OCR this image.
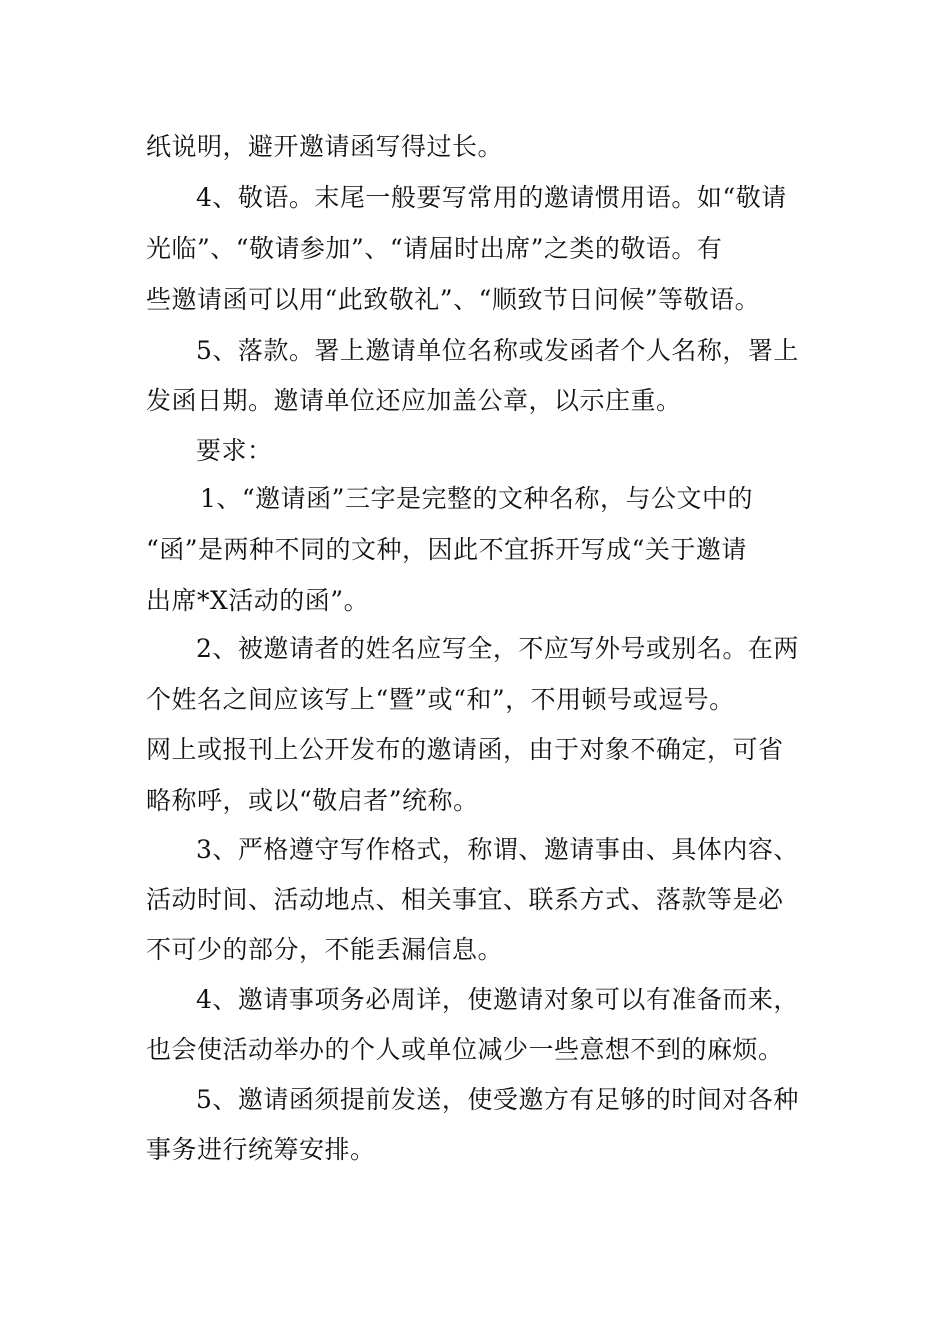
纸说明，避开邀请函写得过长。
4、敬语。末尾一般要写常用的邀请惯用语。如“敬请
光临”、“敬请参加”、“请届时出席”之类的敬语。有
些邀请函可以用“此致敬礼”、“顺致节日问候”等敬语。
5、落款。署上邀请单位名称或发函者个人名称，署上
发函日期。邀请单位还应加盖公章，以示庄重。
要求：
1、“邀请函”三字是完整的文种名称，与公文中的
“函”是两种不同的文种，因此不宜拆开写成“关于邀请
出席*X活动的函”。
2、被邀请者的姓名应写全，不应写外号或别名。在两
个姓名之间应该写上“暨”或“和”，不用顿号或逗号。
网上或报刊上公开发布的邀请函，由于对象不确定，可省
略称呼，或以“敬启者”统称。
3、严格遵守写作格式，称谓、邀请事由、具体内容、
活动时间、活动地点、相关事宜、联系方式、落款等是必
不可少的部分，不能丢漏信息。
4、邀请事项务必周详，使邀请对象可以有准备而来，
也会使活动举办的个人或单位减少一些意想不到的麻烦。
5、邀请函须提前发送，使受邀方有足够的时间对各种
事务进行统筹安排。
